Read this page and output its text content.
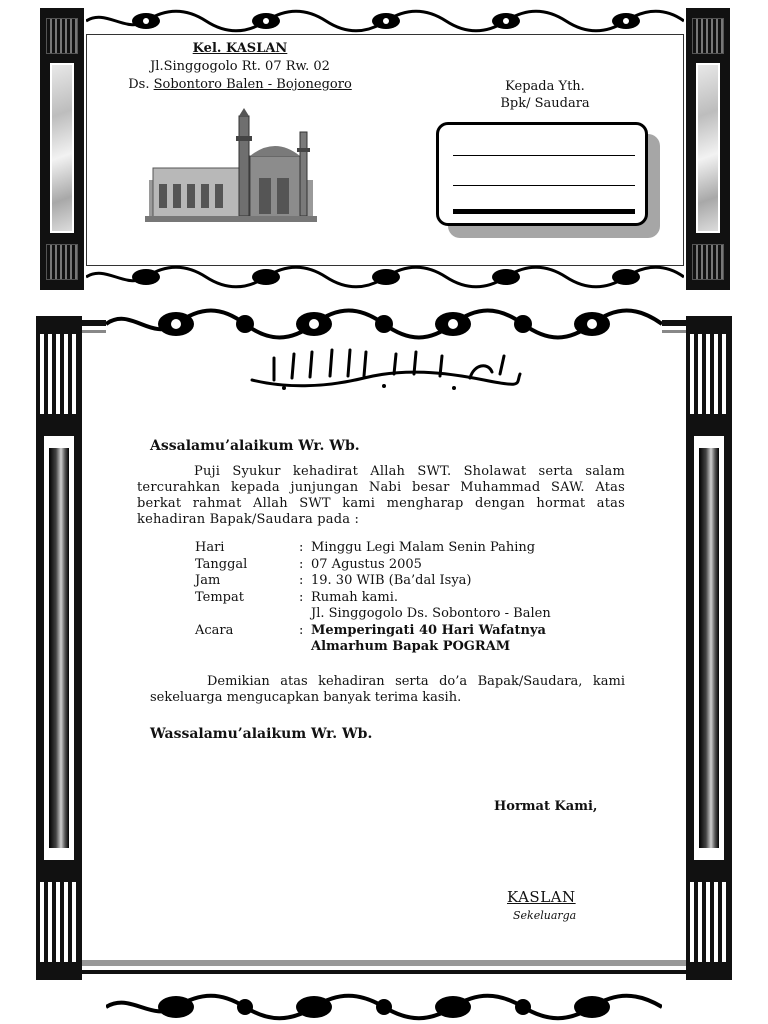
Kel. KASLAN
Jl.Singgogolo Rt. 07 Rw. 02
Ds. Sobontoro Balen - Bojonegoro	Kepada Yth.
Bpk/ Saudara
Assalamu’alaikum Wr. Wb.
Puji Syukur kehadirat Allah SWT. Sholawat serta salam tercurahkan kepada junjungan Nabi besar Muhammad SAW. Atas berkat rahmat Allah SWT kami mengharap dengan hormat atas kehadiran Bapak/Saudara pada :
Hari	: Minggu Legi Malam Senin Pahing
Tanggal	: 07 Agustus 2005
Jam	: 19. 30 WIB (Ba’dal Isya)
Tempat	: Rumah kami.
Jl. Singgogolo Ds. Sobontoro - Balen
Acara	: Memperingati 40 Hari Wafatnya
Almarhum Bapak POGRAM
Demikian atas kehadiran serta do’a Bapak/Saudara, kami sekeluarga mengucapkan banyak terima kasih.
Wassalamu’alaikum Wr. Wb.
Hormat Kami,
KASLAN
Sekeluarga
